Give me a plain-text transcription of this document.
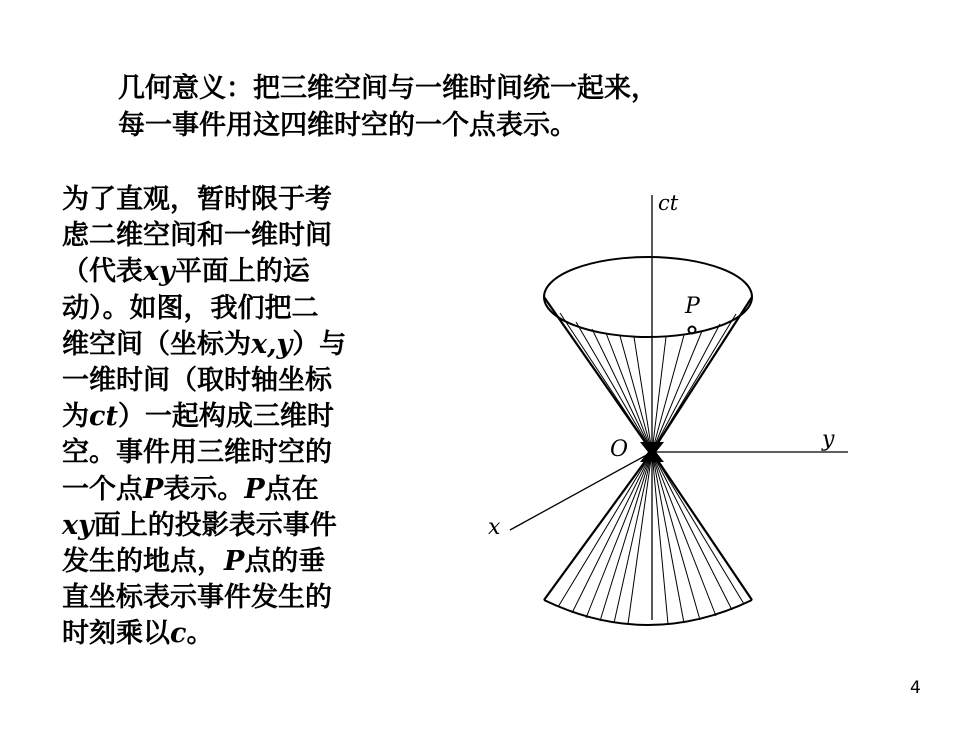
几何意义：把三维空间与一维时间统一起来，
每一事件用这四维时空的一个点表示。
为了直观，暂时限于考
虑二维空间和一维时间
（代表xy平面上的运
动）。如图，我们把二
维空间（坐标为x,y）与
一维时间（取时轴坐标
为ct）一起构成三维时
空。事件用三维时空的
一个点P表示。P点在
xy面上的投影表示事件
发生的地点，P点的垂
直坐标表示事件发生的
时刻乘以c。
ct
P
O	y
x
4
